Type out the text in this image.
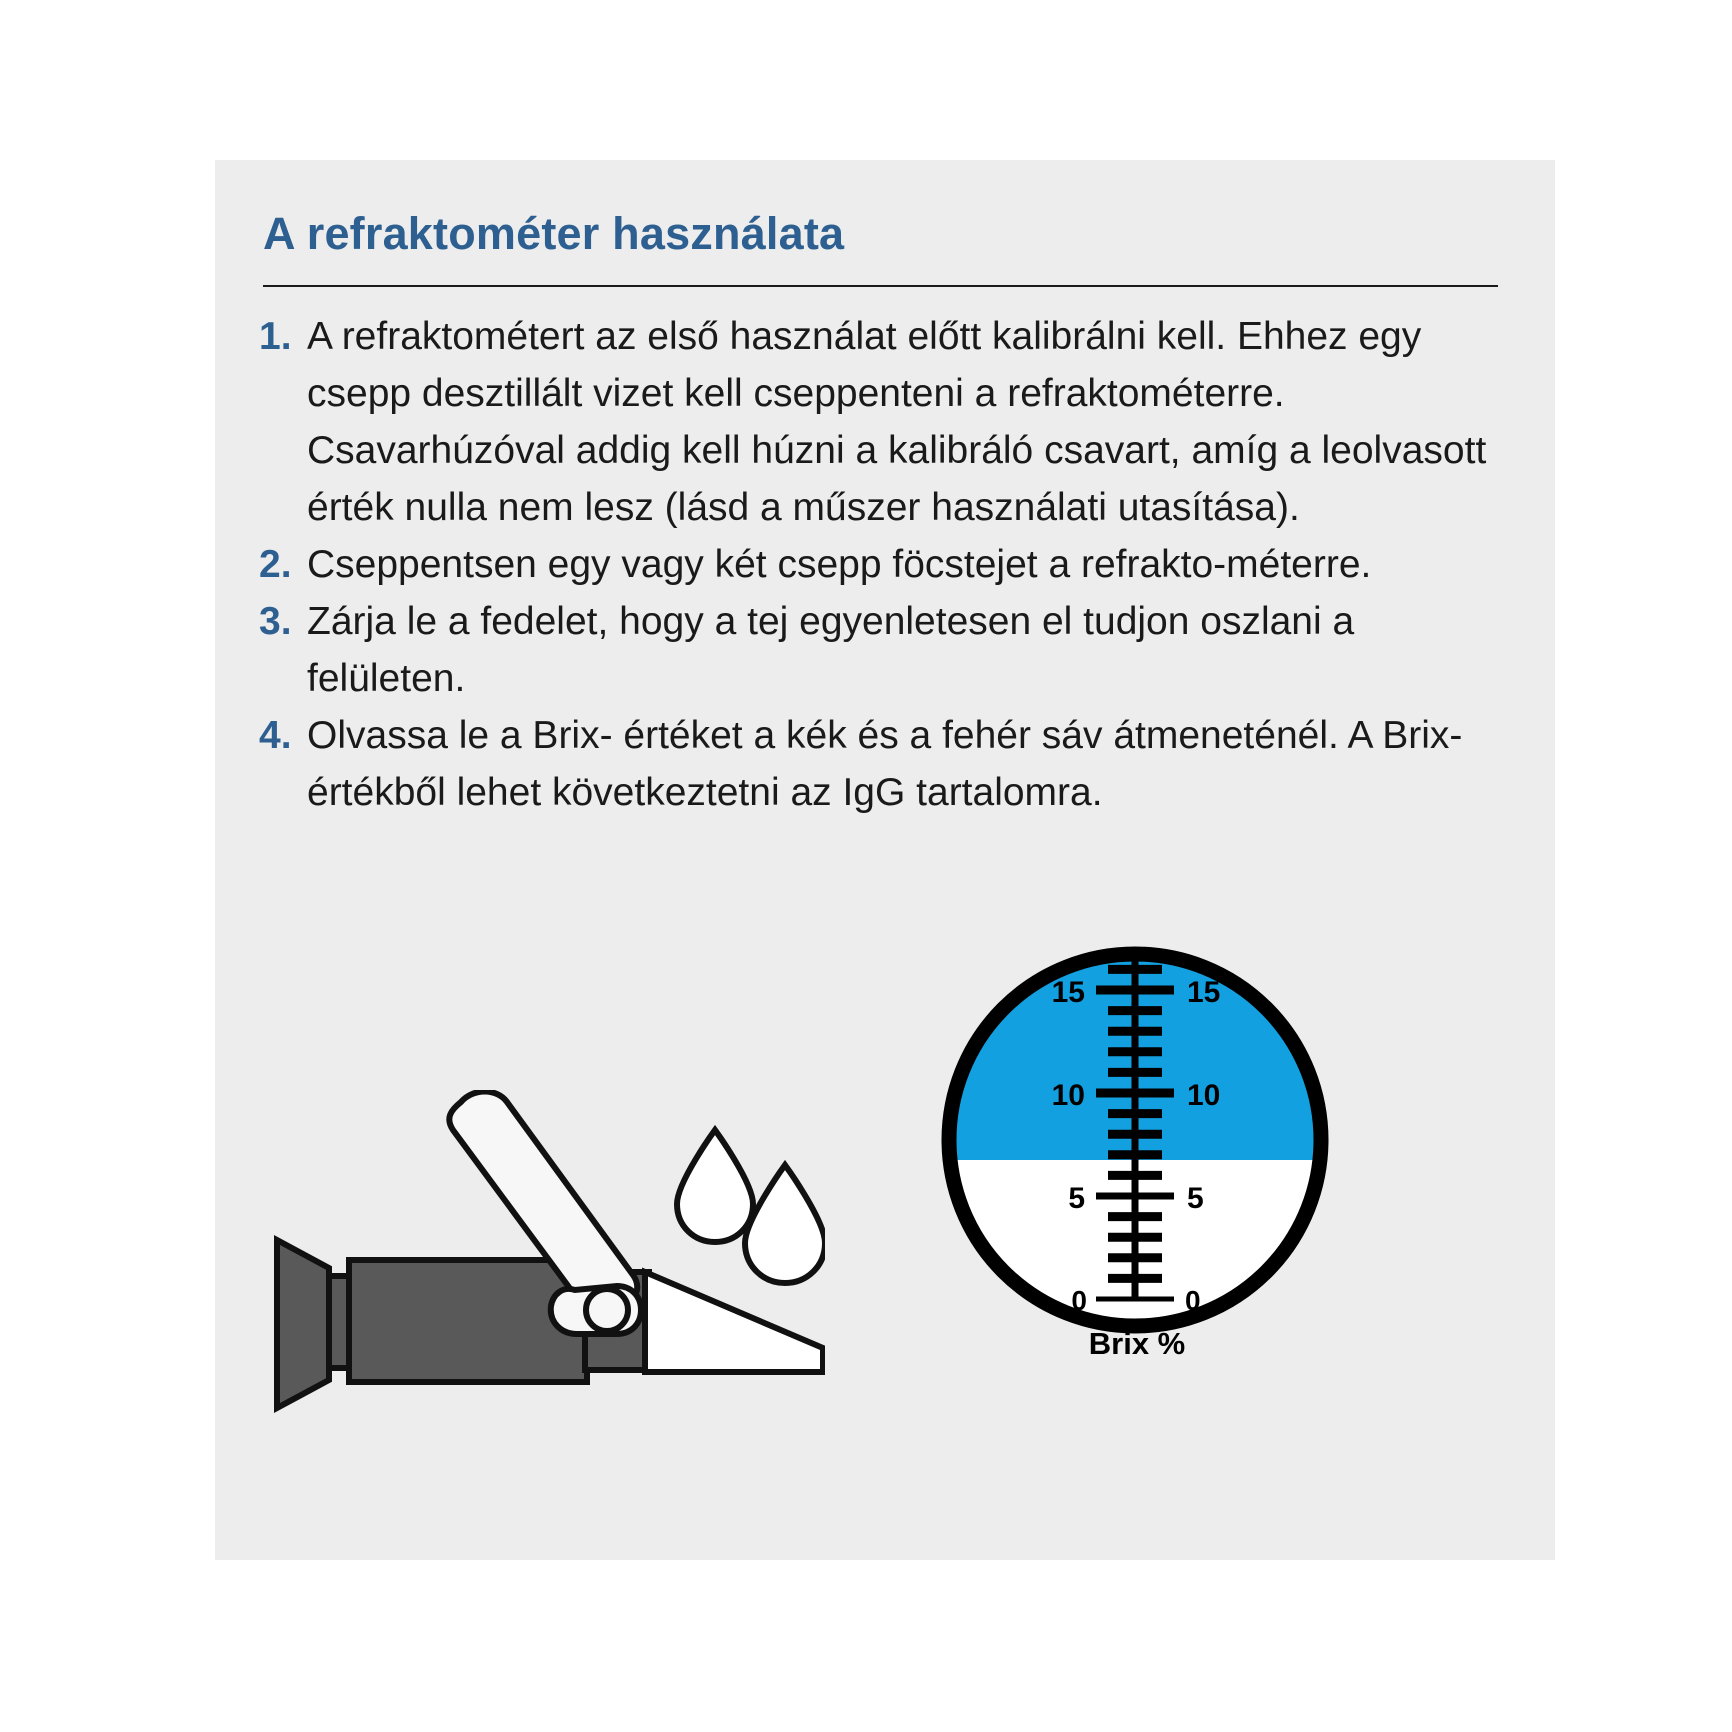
A refraktométer használata
1. A refraktométert az első használat előtt kalibrálni kell. Ehhez egy csepp desztillált vizet kell cseppenteni a refraktométerre. Csavarhúzóval addig kell húzni a kalibráló csavart, amíg a leolvasott érték nulla nem lesz (lásd a műszer használati utasítása).
2. Cseppentsen egy vagy két csepp föcstejet a refrakto-méterre.
3. Zárja le a fedelet, hogy a tej egyenletesen el tudjon oszlani a felületen.
4. Olvassa le a Brix- értéket a kék és a fehér sáv átmeneténél. A Brix- értékből lehet következtetni az IgG tartalomra.
15	15
10	10
5	5
0	0
Brix %
